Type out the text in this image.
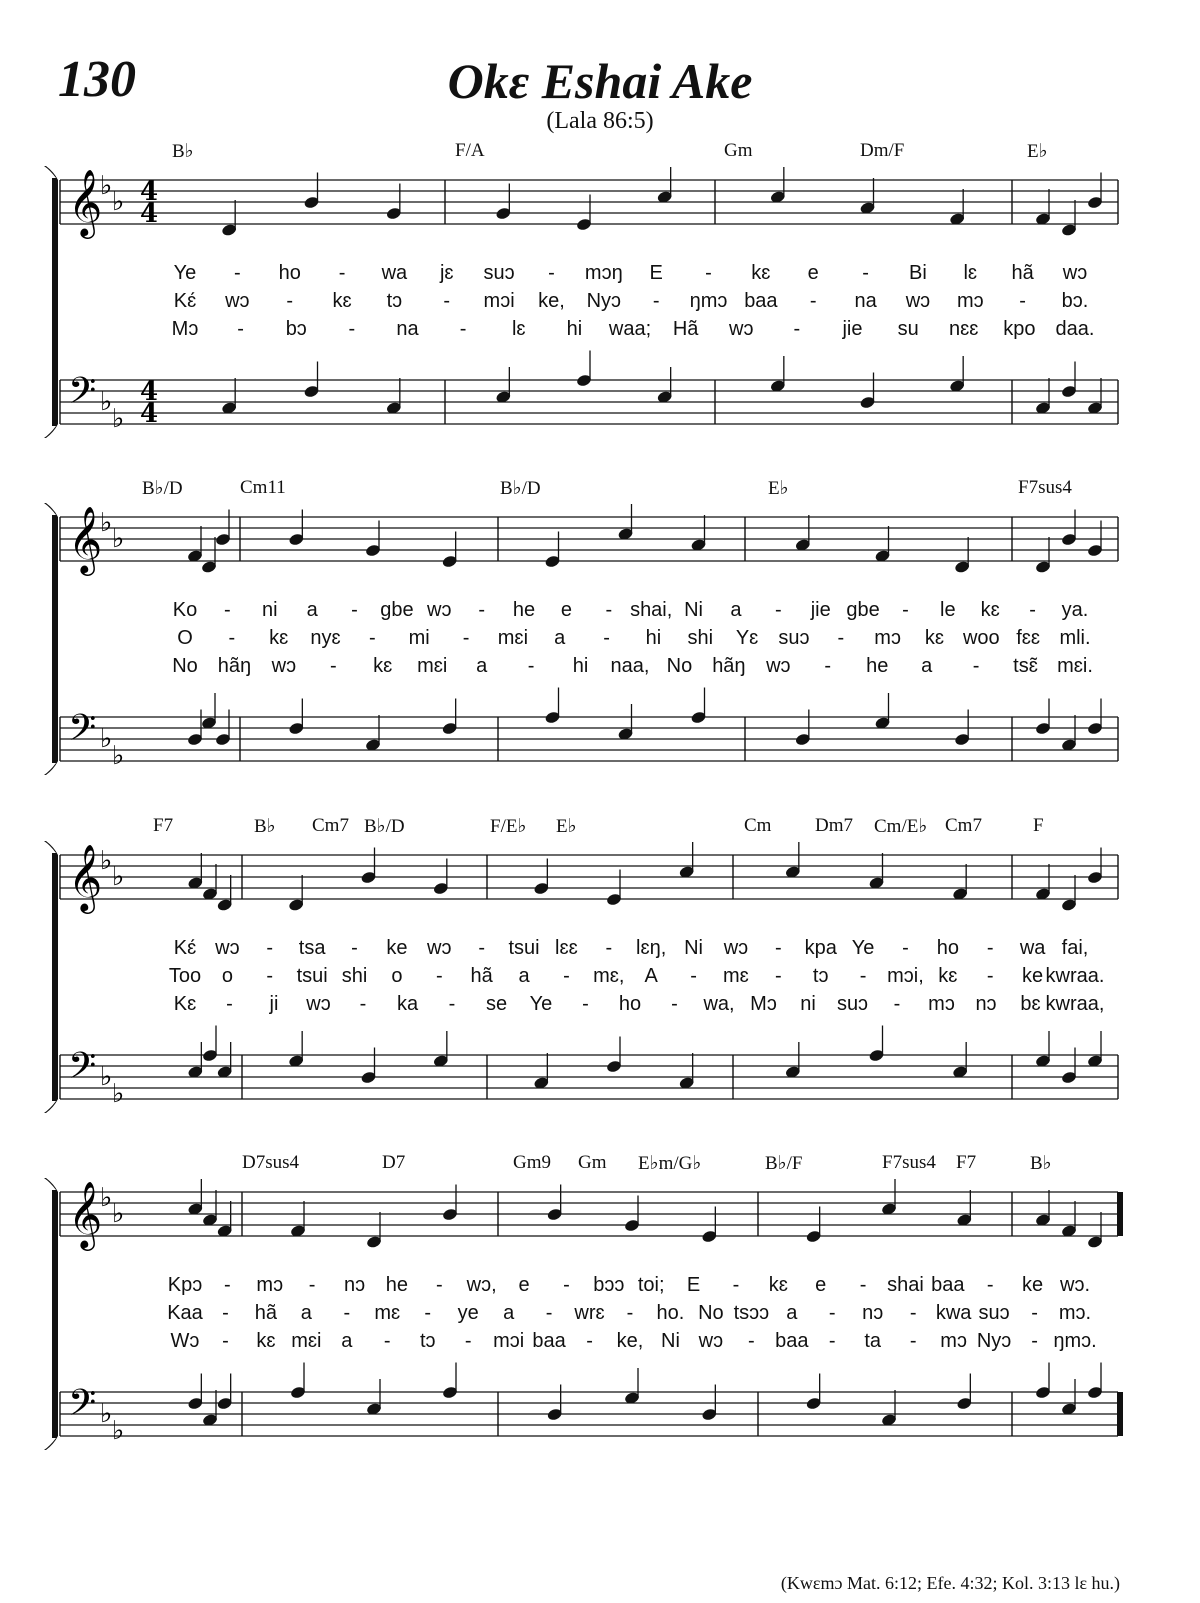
130	Okɛ Eshai Ake
(Lala 86:5)
(Kwɛmɔ Mat. 6:12; Efe. 4:32; Kol. 3:13 lɛ hu.)
𝄞
♭
♭ 4
4
𝄢 ♭
♭
4
4
𝄞
♭
♭
𝄢 ♭
♭
𝄞
♭
♭
𝄢 ♭
♭
𝄞
♭
♭
𝄢 ♭
♭
B♭	F/A	Gm	Dm/F	E♭
Ye - ho - wa jɛ suɔ - mɔŋ E - kɛ e - Bi lɛ hã wɔ
Kɛ́ wɔ - kɛ tɔ - mɔi ke, Nyɔ - ŋmɔ baa - na wɔ mɔ - bɔ.
Mɔ - bɔ - na - lɛ hi waa; Hã wɔ - jie su nɛɛ kpo daa.
B♭/D	Cm11	B♭/D	E♭	F7sus4
Ko - ni a - gbe wɔ - he e - shai, Ni a - jie gbe - le kɛ - ya.
O - kɛ nyɛ - mi - mɛi a - hi shi Yɛ suɔ - mɔ kɛ woo fɛɛ mli.
No hãŋ wɔ - kɛ mɛi a - hi naa, No hãŋ wɔ - he a - tsɛ̃ mɛi.
F7	B♭ Cm7 B♭/D	F/E♭ E♭	Cm Dm7 Cm/E♭ Cm7	F
Kɛ́ wɔ - tsa - ke wɔ - tsui lɛɛ - lɛŋ, Ni wɔ - kpa Ye - ho - wa fai,
Too o - tsui shi o - hã a - mɛ, A - mɛ - tɔ - mɔi, kɛ - ke kwraa.
Kɛ - ji wɔ - ka - se Ye - ho - wa, Mɔ ni suɔ - mɔ nɔ bɛ kwraa,
D7sus4	D7	Gm9 Gm E♭m/G♭	B♭/F	F7sus4 F7	B♭
Kpɔ - mɔ - nɔ he - wɔ, e - bɔɔ toi; E - kɛ e - shai baa - ke wɔ.
Kaa - hã a - mɛ - ye a - wrɛ - ho. No tsɔɔ a - nɔ - kwa suɔ - mɔ.
Wɔ - kɛ mɛi a - tɔ - mɔi baa - ke, Ni wɔ - baa - ta - mɔ Nyɔ - ŋmɔ.
